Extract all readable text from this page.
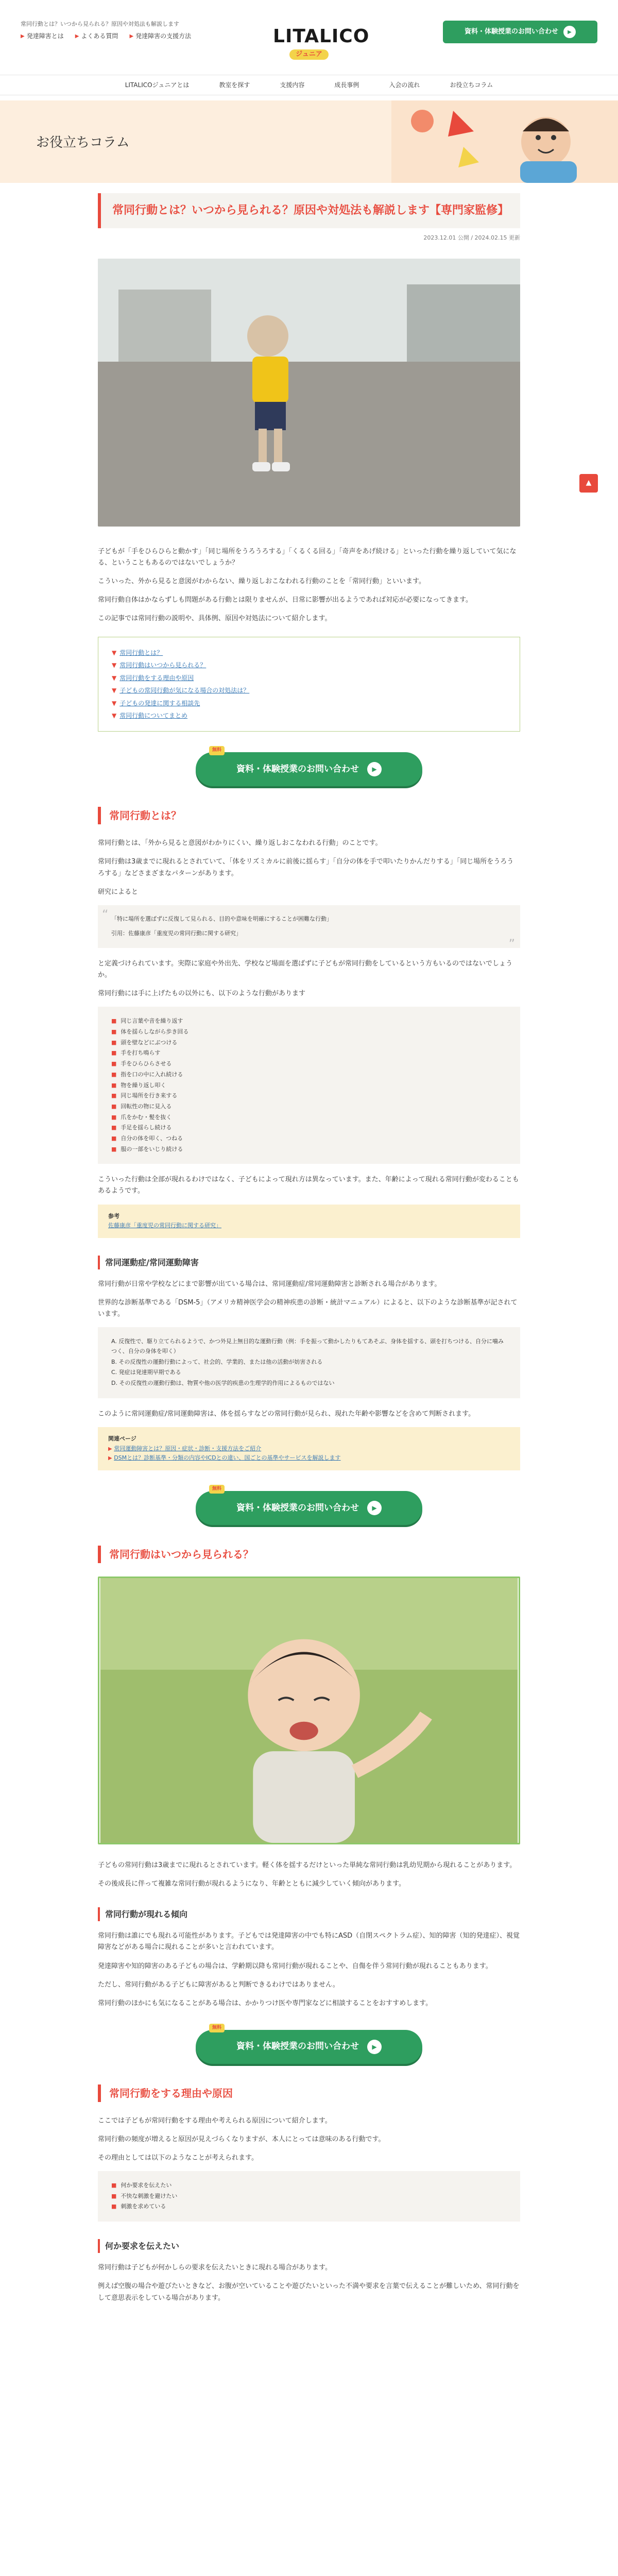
常同行動とは？いつから見られる？原因や対処法も解説します
▶ 発達障害とは ▶ よくある質問 ▶ 発達障害の支援方法	LITALICO
ジュニア
資料・体験授業のお問い合わせ	▶
LITALICOジュニアとは	教室を探す	支援内容	成長事例	入会の流れ	お役立ちコラム
お役立ちコラム
▲
常同行動とは？いつから見られる？原因や対処法も解説します【専門家監修】
2023.12.01 公開 / 2024.02.15 更新

子どもが「手をひらひらと動かす」「同じ場所をうろうろする」「くるくる回る」「奇声をあげ続ける」といった行動を繰り返していて気になる、ということもあるのではないでしょうか？

こういった、外から見ると意図がわからない、繰り返しおこなわれる行動のことを「常同行動」といいます。

常同行動自体はかならずしも問題がある行動とは限りませんが、日常に影響が出るようであれば対応が必要になってきます。

この記事では常同行動の説明や、具体例、原因や対処法について紹介します。

▼ 常同行動とは？
▼ 常同行動はいつから見られる？
▼ 常同行動をする理由や原因
▼ 子どもの常同行動が気になる場合の対処法は？
▼ 子どもの発達に関する相談先
▼ 常同行動についてまとめ
無料
資料・体験授業のお問い合わせ	▶
常同行動とは？

常同行動とは、「外から見ると意図がわかりにくい、繰り返しおこなわれる行動」のことです。

常同行動は3歳までに現れるとされていて、「体をリズミカルに前後に揺らす」「自分の体を手で叩いたりかんだりする」「同じ場所をうろうろする」などさまざまなパターンがあります。

研究によると

“ 「特に場所を選ばずに反復して見られる、目的や意味を明確にすることが困難な行動」
引用：佐藤康彦「重度児の常同行動に関する研究」
”

と定義づけられています。実際に家庭や外出先、学校など場面を選ばずに子どもが常同行動をしているという方もいるのではないでしょうか。

常同行動には手に上げたもの以外にも、以下のような行動があります

■ 同じ言葉や音を繰り返す
■ 体を揺らしながら歩き回る
■ 頭を壁などにぶつける
■ 手を打ち鳴らす
■ 手をひらひらさせる
■ 指を口の中に入れ続ける
■ 物を繰り返し叩く
■ 同じ場所を行き来する
■ 回転性の物に見入る
■ 爪をかむ・髪を抜く
■ 手足を揺らし続ける
■ 自分の体を叩く、つねる
■ 服の一部をいじり続ける

こういった行動は全部が現れるわけではなく、子どもによって現れ方は異なっています。また、年齢によって現れる常同行動が変わることもあるようです。

参考
佐藤康彦「重度児の常同行動に関する研究」
常同運動症/常同運動障害

常同行動が日常や学校などにまで影響が出ている場合は、常同運動症/常同運動障害と診断される場合があります。

世界的な診断基準である「DSM-5」（アメリカ精神医学会の精神疾患の診断・統計マニュアル）によると、以下のような診断基準が記されています。

A. 反復性で、駆り立てられるようで、かつ外見上無目的な運動行動（例：手を振って動かしたりもてあそぶ、身体を揺する、頭を打ちつける、自分に噛みつく、自分の身体を叩く）
B. その反復性の運動行動によって、社会的、学業的、または他の活動が妨害される
C. 発症は発達期早期である
D. その反復性の運動行動は、物質や他の医学的疾患の生理学的作用によるものではない

このように常同運動症/常同運動障害は、体を揺らすなどの常同行動が見られ、現れた年齢や影響などを含めて判断されます。

関連ページ
▶ 常同運動障害とは？原因・症状・診断・支援方法をご紹介
▶ DSMとは？診断基準・分類の内容やICDとの違い、国ごとの基準やサービスを解説します
無料
資料・体験授業のお問い合わせ	▶
常同行動はいつから見られる？

子どもの常同行動は3歳までに現れるとされています。軽く体を揺するだけといった単純な常同行動は乳幼児期から現れることがあります。

その後成長に伴って複雑な常同行動が現れるようになり、年齢とともに減少していく傾向があります。

常同行動が現れる傾向

常同行動は誰にでも現れる可能性があります。子どもでは発達障害の中でも特にASD（自閉スペクトラム症）、知的障害（知的発達症）、視覚障害などがある場合に現れることが多いと言われています。

発達障害や知的障害のある子どもの場合は、学齢期以降も常同行動が現れることや、自傷を伴う常同行動が現れることもあります。

ただし、常同行動がある子どもに障害があると判断できるわけではありません。

常同行動のほかにも気になることがある場合は、かかりつけ医や専門家などに相談することをおすすめします。

無料
資料・体験授業のお問い合わせ	▶
常同行動をする理由や原因

ここでは子どもが常同行動をする理由や考えられる原因について紹介します。

常同行動の頻度が増えると原因が見えづらくなりますが、本人にとっては意味のある行動です。

その理由としては以下のようなことが考えられます。

■ 何か要求を伝えたい
■ 不快な刺激を避けたい
■ 刺激を求めている
何か要求を伝えたい

常同行動は子どもが何かしらの要求を伝えたいときに現れる場合があります。

例えば空腹の場合や遊びたいときなど、お腹が空いていることや遊びたいといった不満や要求を言葉で伝えることが難しいため、常同行動をして意思表示をしている場合があります。
